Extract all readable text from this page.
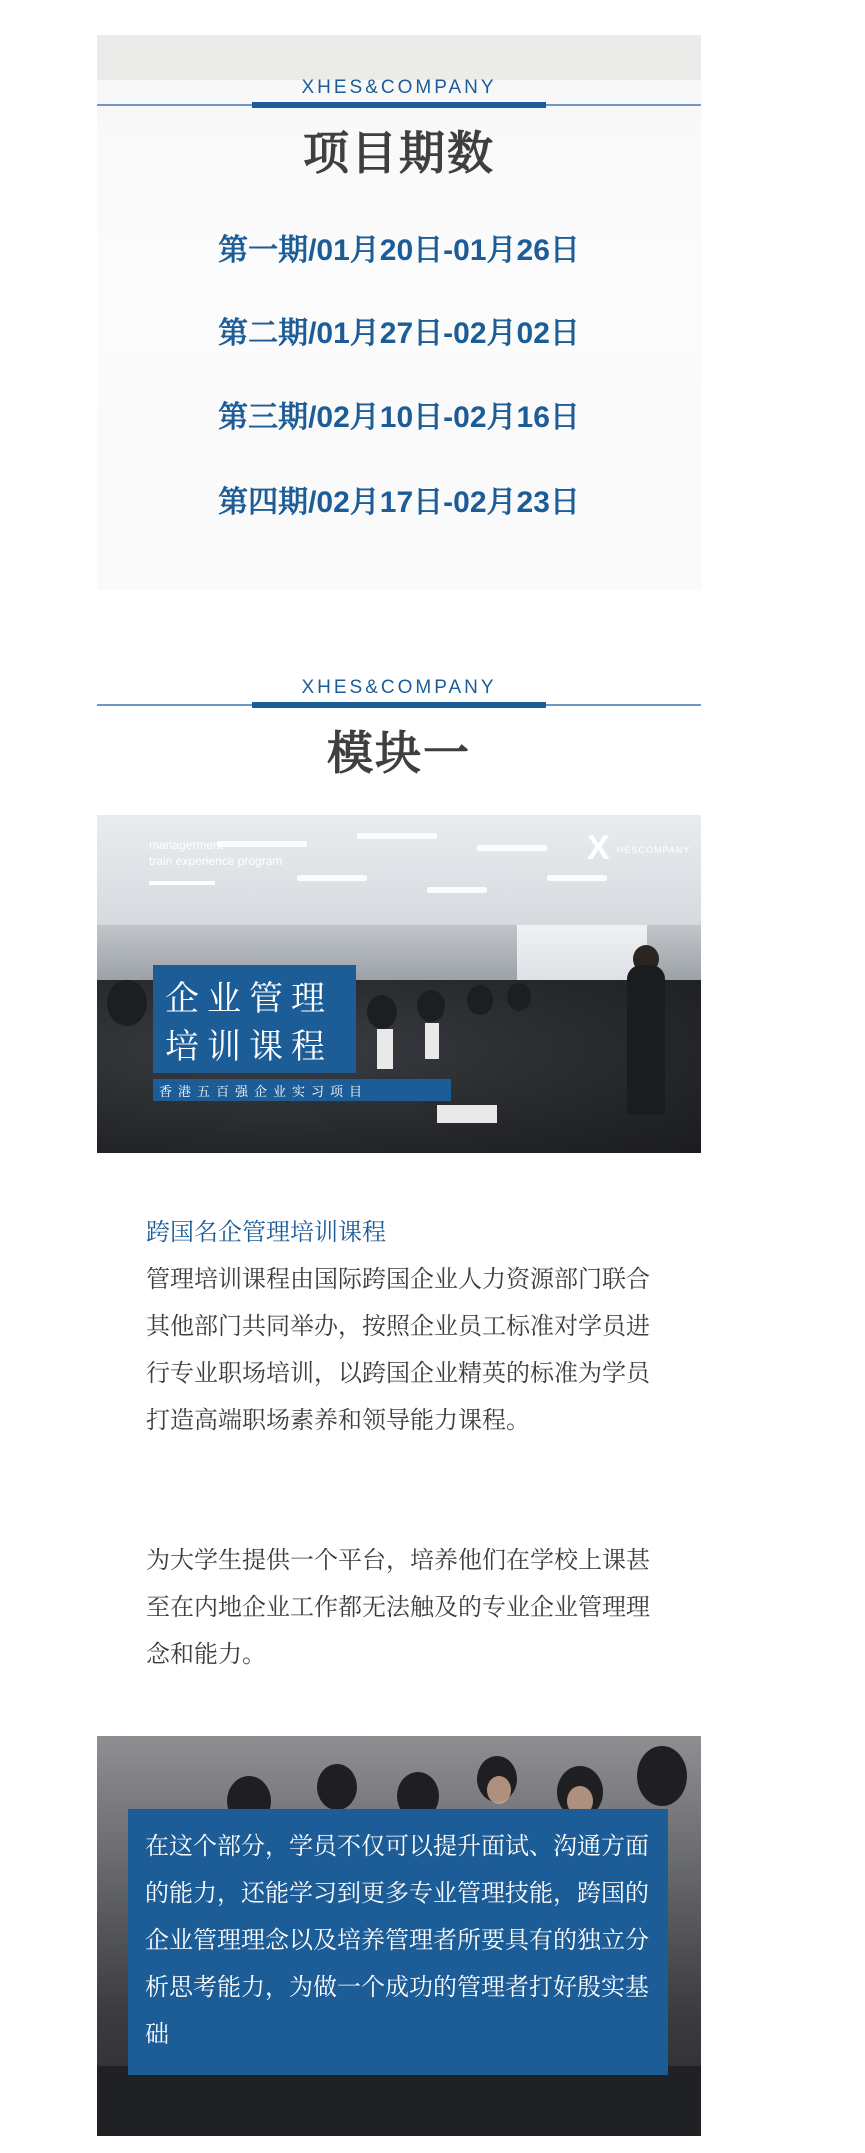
XHES&COMPANY
项目期数
第一期/01月20日-01月26日
第二期/01月27日-02月02日
第三期/02月10日-02月16日
第四期/02月17日-02月23日
XHES&COMPANY
模块一
managerment
train experience program	X HESCOMPANY
企业管理
培训课程
香港五百强企业实习项目
跨国名企管理培训课程
管理培训课程由国际跨国企业人力资源部门联合其他部门共同举办，按照企业员工标准对学员进行专业职场培训，以跨国企业精英的标准为学员打造高端职场素养和领导能力课程。
为大学生提供一个平台，培养他们在学校上课甚至在内地企业工作都无法触及的专业企业管理理念和能力。
在这个部分，学员不仅可以提升面试、沟通方面的能力，还能学习到更多专业管理技能，跨国的企业管理理念以及培养管理者所要具有的独立分析思考能力，为做一个成功的管理者打好殷实基础
